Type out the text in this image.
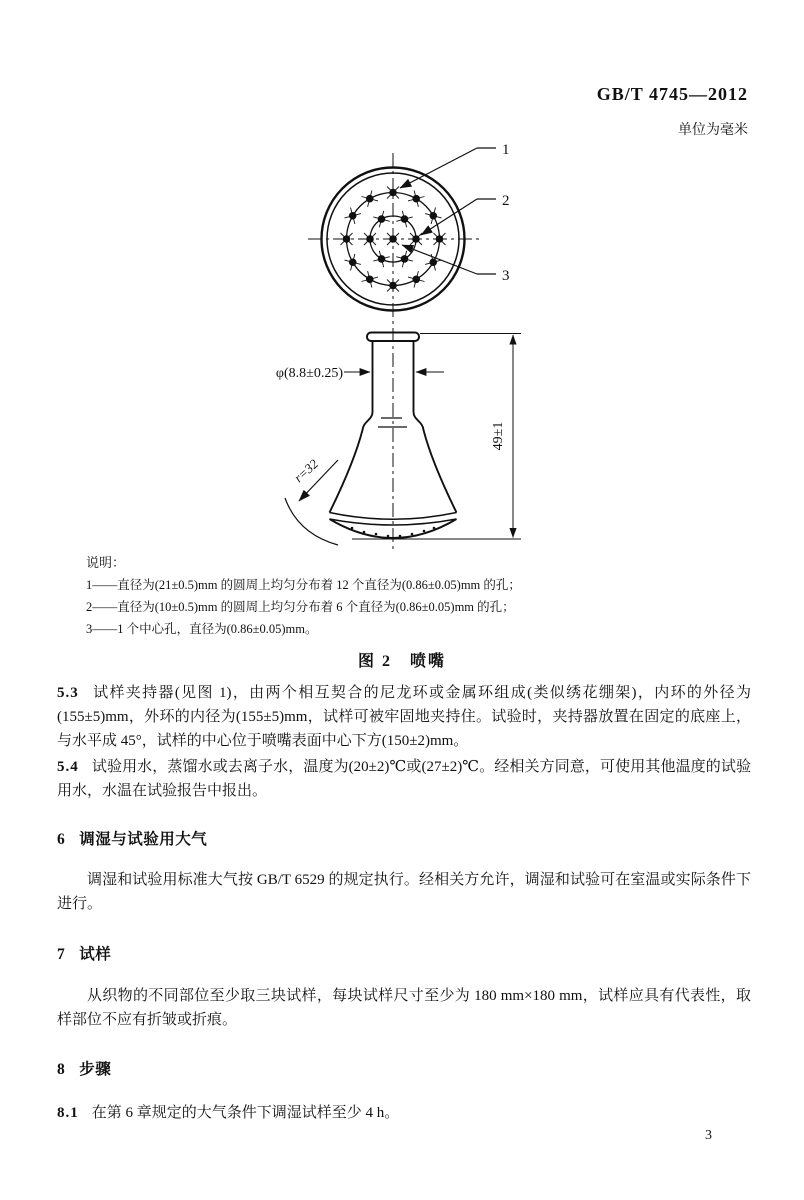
GB/T 4745—2012
单位为毫米
1
2
3
φ(8.8±0.25)
49±1
r=32
说明：
1——直径为(21±0.5)mm 的圆周上均匀分布着 12 个直径为(0.86±0.05)mm 的孔；
2——直径为(10±0.5)mm 的圆周上均匀分布着 6 个直径为(0.86±0.05)mm 的孔；
3——1 个中心孔，直径为(0.86±0.05)mm。
图 2　喷嘴
5.3 试样夹持器(见图 1)，由两个相互契合的尼龙环或金属环组成(类似绣花绷架)，内环的外径为(155±5)mm，外环的内径为(155±5)mm，试样可被牢固地夹持住。试验时，夹持器放置在固定的底座上，与水平成 45°，试样的中心位于喷嘴表面中心下方(150±2)mm。
5.4 试验用水，蒸馏水或去离子水，温度为(20±2)℃或(27±2)℃。经相关方同意，可使用其他温度的试验用水，水温在试验报告中报出。
6 调湿与试验用大气
调湿和试验用标准大气按 GB/T 6529 的规定执行。经相关方允许，调湿和试验可在室温或实际条件下进行。
7 试样
从织物的不同部位至少取三块试样，每块试样尺寸至少为 180 mm×180 mm，试样应具有代表性，取样部位不应有折皱或折痕。
8 步骤
8.1 在第 6 章规定的大气条件下调湿试样至少 4 h。
3
